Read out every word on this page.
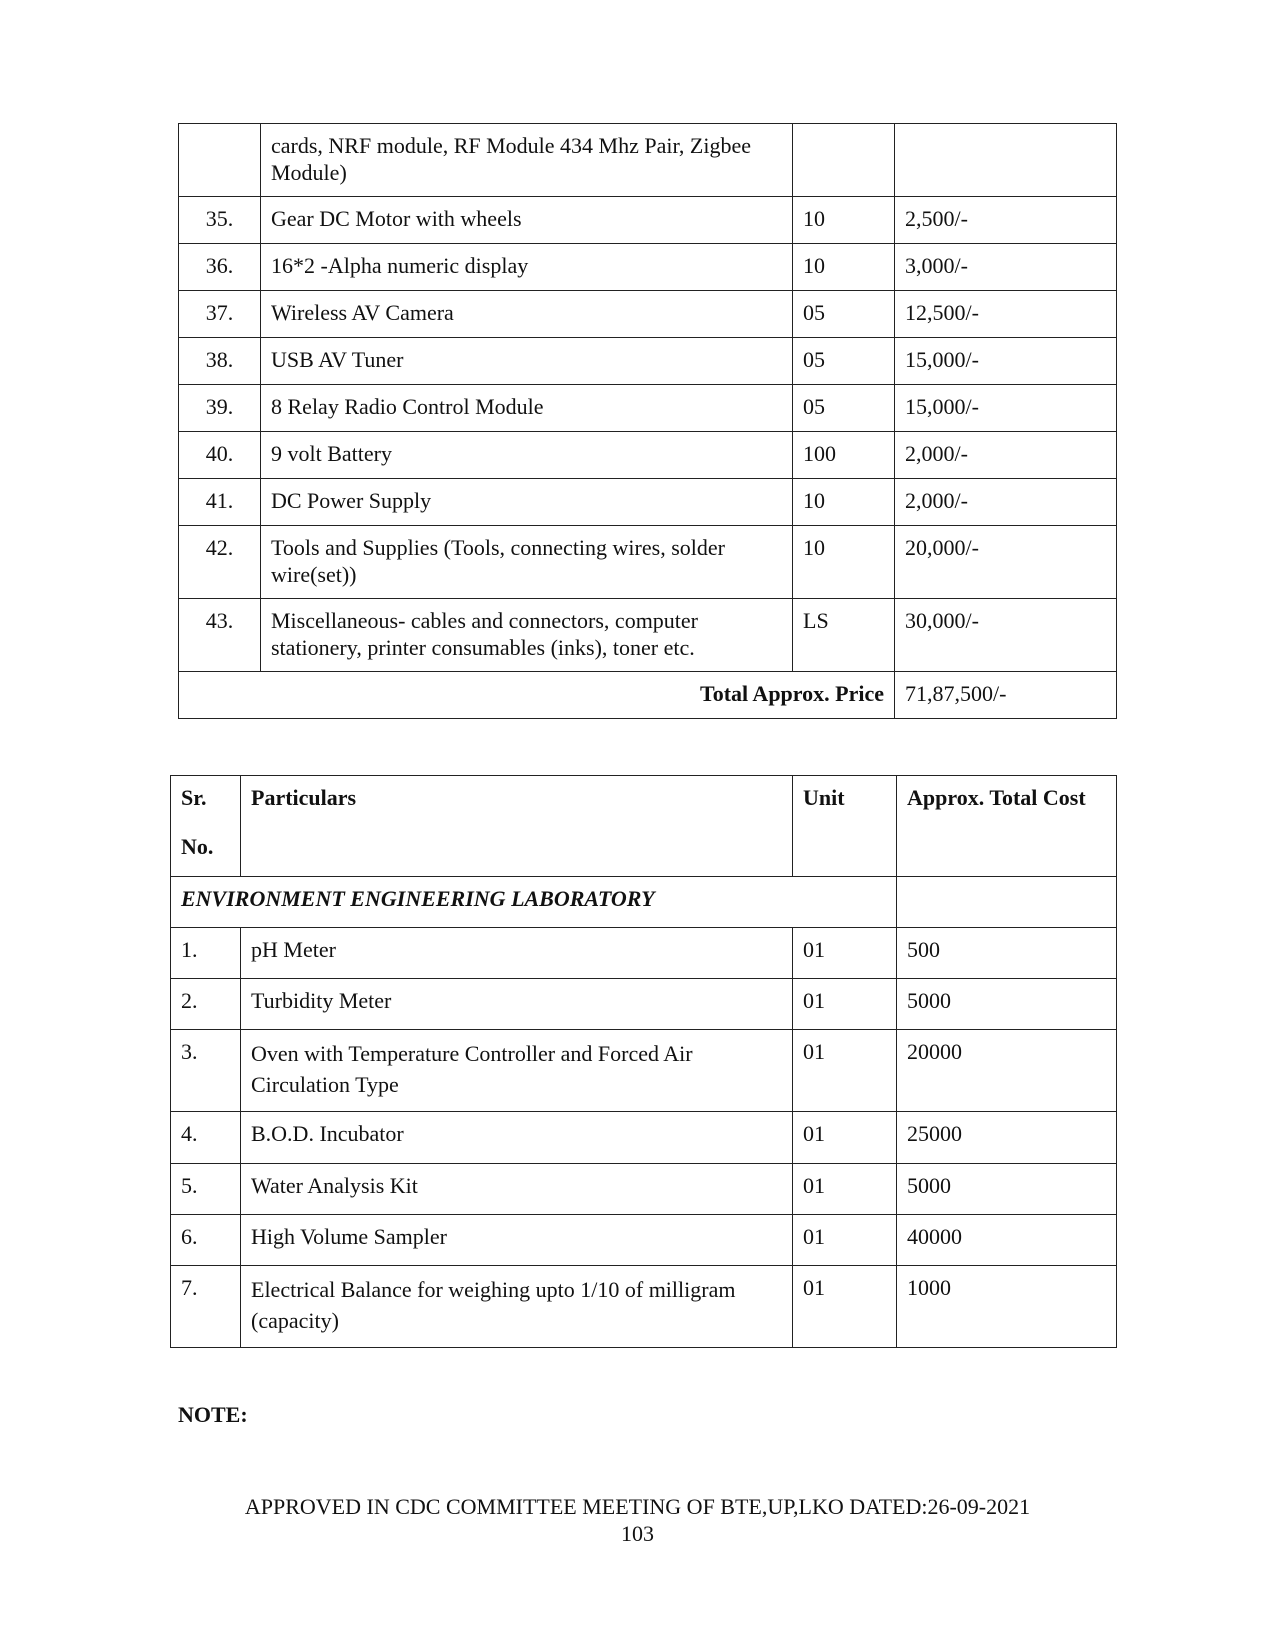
	cards, NRF module, RF Module 434 Mhz Pair, Zigbee Module)		
35.	Gear DC Motor with wheels	10	2,500/-
36.	16*2 -Alpha numeric display	10	3,000/-
37.	Wireless AV Camera	05	12,500/-
38.	USB AV Tuner	05	15,000/-
39.	8 Relay Radio Control Module	05	15,000/-
40.	9 volt Battery	100	2,000/-
41.	DC Power Supply	10	2,000/-
42.	Tools and Supplies (Tools, connecting wires, solder wire(set))	10	20,000/-
43.	Miscellaneous- cables and connectors, computer stationery, printer consumables (inks), toner etc.	LS	30,000/-
Total Approx. Price			71,87,500/-
Sr.
No.	Particulars	Unit	Approx. Total Cost
ENVIRONMENT ENGINEERING LABORATORY			
1.	pH Meter	01	500
2.	Turbidity Meter	01	5000
3.	Oven with Temperature Controller and Forced Air Circulation Type	01	20000
4.	B.O.D. Incubator	01	25000
5.	Water Analysis Kit	01	5000
6.	High Volume Sampler	01	40000
7.	Electrical Balance for weighing upto 1/10 of milligram (capacity)	01	1000
NOTE:
APPROVED IN CDC COMMITTEE MEETING OF BTE,UP,LKO DATED:26-09-2021
103
